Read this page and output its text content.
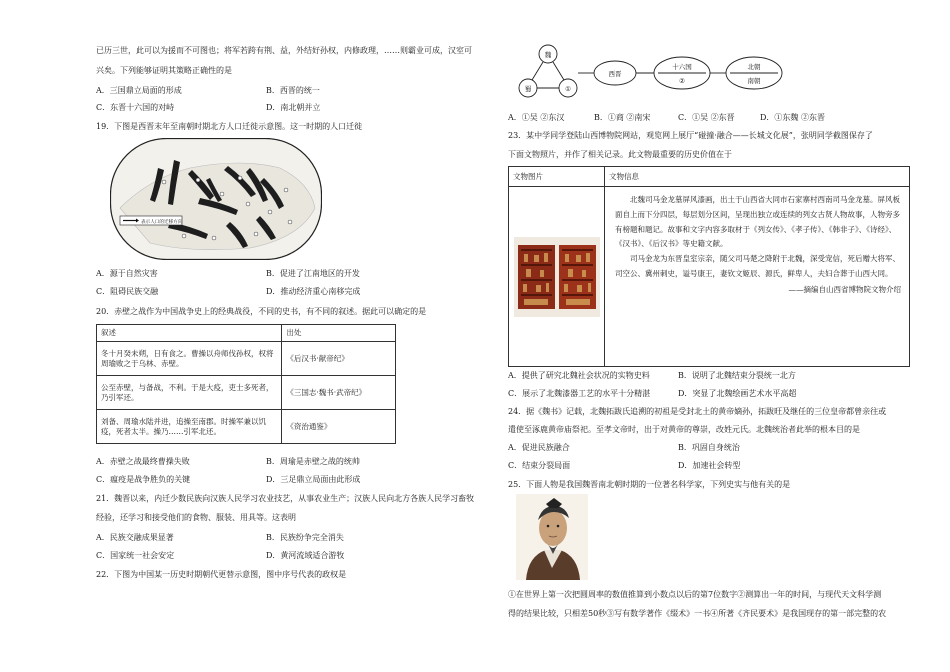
已历三世，此可以为援而不可图也；将军若跨有荆、益，外结好孙权，内修政理，……则霸业可成，汉室可
兴矣。下列能够证明其策略正确性的是
A．三国鼎立局面的形成	B．西晋的统一
C．东晋十六国的对峙	D．南北朝并立
19．下图是西晋末年至南朝时期北方人口迁徙示意图。这一时期的人口迁徙
表示人口的迁移方向
A．源于自然灾害	B．促进了江南地区的开发
C．阻碍民族交融	D．推动经济重心南移完成
20．赤壁之战作为中国战争史上的经典战役，不同的史书，有不同的叙述。据此可以确定的是
叙述	出处
冬十月癸未朔，日有食之。曹操以舟师伐孙权，权将周瑜败之于乌林、赤壁。	《后汉书·献帝纪》
公至赤壁，与备战，不利。于是大疫，吏士多死者，乃引军还。	《三国志·魏书·武帝纪》
刘备、周瑜水陆并进，追操至南郡。时操军兼以饥疫，死者太半。操乃……引军北还。	《资治通鉴》
A．赤壁之战最终曹操失败	B．周瑜是赤壁之战的统帅
C．瘟疫是战争胜负的关键	D．三足鼎立局面由此形成
21．魏晋以来，内迁少数民族向汉族人民学习农业技艺，从事农业生产；汉族人民向北方各族人民学习畜牧
经验，还学习和接受他们的食物、服装、用具等。这表明
A．民族交融成果显著	B．民族纷争完全消失
C．国家统一社会安定	D．黄河流域适合游牧
22．下图为中国某一历史时期朝代更替示意图，图中序号代表的政权是
魏
蜀	①
西晋
十六国
②
北朝
南朝
A．①吴 ②东汉	B．①商 ②南宋	C．①吴 ②东晋	D．①东魏 ②东晋
23．某中学同学登陆山西博物院网站，观览网上展厅“碰撞·融合——长城文化展”，张明同学截图保存了
下面文物照片，并作了相关记录。此文物最重要的历史价值在于
文物图片	文物信息

北魏司马金龙墓屏风漆画，出土于山西省大同市石家寨村西南司马金龙墓。屏风板面自上而下分四层，每层划分区间，呈现出独立或连续的列女古贤人物故事，人物旁多有榜题和题记。故事和文字内容多取材于《列女传》、《孝子传》、《韩非子》、《诗经》、《汉书》、《后汉书》等史籍文献。

司马金龙为东晋皇室宗亲，随父司马楚之降附于北魏，深受宠信，死后赠大将军、司空公、冀州刺史，谥号康王，妻钦文姬辰、源氏，鲜卑人，夫妇合葬于山西大同。

——摘编自山西省博物院文物介绍

A．提供了研究北魏社会状况的实物史料	B．说明了北魏结束分裂统一北方
C．展示了北魏漆器工艺的水平十分精湛	D．突显了北魏绘画艺术水平高超
24．据《魏书》记载，北魏拓跋氏追溯的初祖是受封北土的黄帝嫡孙，拓跋旺及继任的三位皇帝都曾亲往或
遣使至涿鹿黄帝庙祭祀。至孝文帝时，出于对黄帝的尊崇，改姓元氏。北魏统治者此举的根本目的是
A．促进民族融合	B．巩固自身统治
C．结束分裂局面	D．加速社会转型
25．下面人物是我国魏晋南北朝时期的一位著名科学家，下列史实与他有关的是
①在世界上第一次把圆周率的数值推算到小数点以后的第7位数字②测算出一年的时间，与现代天文科学测
得的结果比较，只相差50秒③写有数学著作《缀术》一书④所著《齐民要术》是我国现存的第一部完整的农
